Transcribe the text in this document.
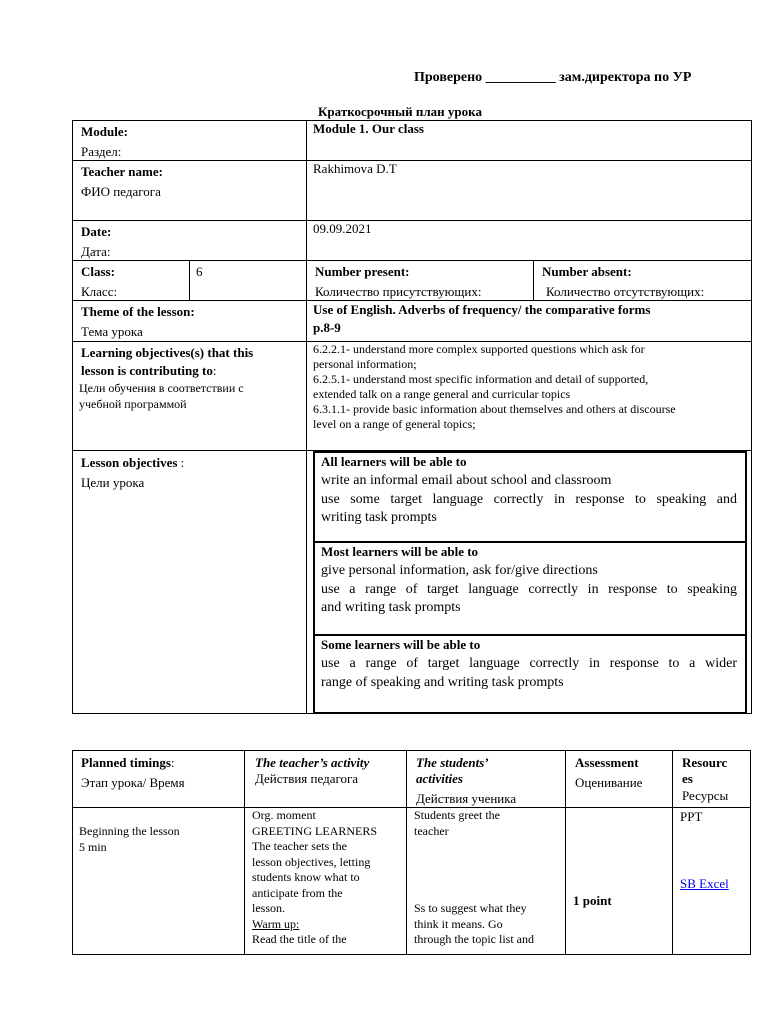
Проверено __________ зам.директора по УР
Краткосрочный план урока
Module:
Раздел:
Module 1. Our class
Teacher name:
ФИО педагога
Rakhimova D.T
Date:
Дата:
09.09.2021
Class:
Класс:
6	Number present:
Количество присутствующих:
Number absent:
Количество отсутствующих:
Theme of the lesson:
Тема урока
Use of English. Adverbs of frequency/ the comparative forms
p.8-9
Learning objectives(s) that this
lesson is contributing to:
Цели обучения в соответствии с
учебной программой
6.2.2.1- understand more complex supported questions which ask for
personal information;
6.2.5.1- understand most specific information and detail of supported,
extended talk on a range general and curricular topics
6.3.1.1- provide basic information about themselves and others at discourse
level on a range of general topics;
Lesson objectives :
Цели урока
All learners will be able to
write an informal email about school and classroom
use some target language correctly in response to speaking and
writing task prompts
Most learners will be able to
give personal information, ask for/give directions
use a range of target language correctly in response to speaking
and writing task prompts
Some learners will be able to
use a range of target language correctly in response to a wider
range of speaking and writing task prompts
Planned timings:
Этап урока/ Время
The teacher’s activity
Действия педагога
The students’
activities
Действия ученика
Assessment
Оценивание
Resourc
es
Ресурсы
Beginning the lesson
5 min
Org. moment
GREETING LEARNERS
The teacher sets the
lesson objectives, letting
students know what to
anticipate from the
lesson.
Warm up:
Read the title of the
Students greet the
teacher
Ss to suggest what they
think it means. Go
through the topic list and
1 point
PPT
SB Excel
